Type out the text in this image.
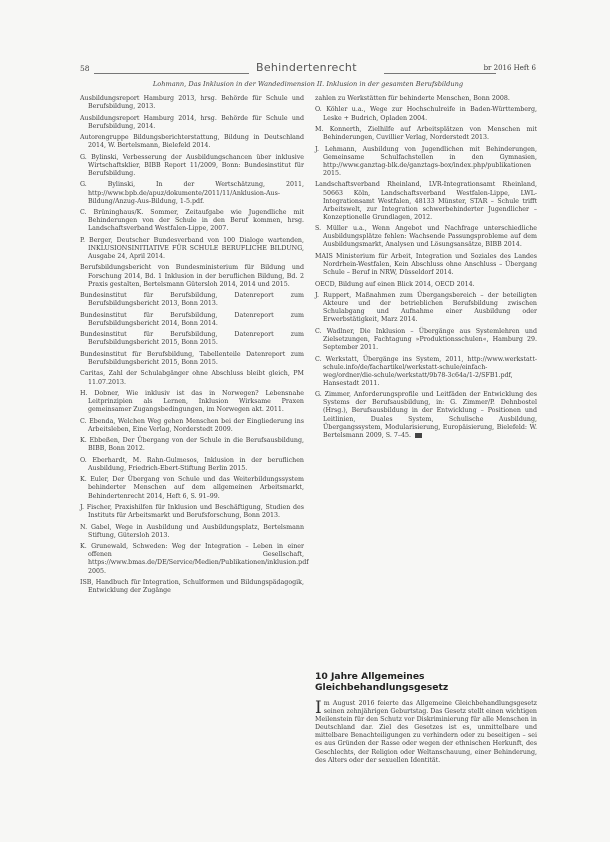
58	Behindertenrecht	br 2016 Heft 6
Lohmann, Das Inklusion in der Wandedimension II. Inklusion in der gesamten Berufsbildung

Ausbildungsreport Hamburg 2013, hrsg. Behörde für Schule und Berufsbildung, 2013.

Ausbildungsreport Hamburg 2014, hrsg. Behörde für Schule und Berufsbildung, 2014.

Autorengruppe Bildungsberichterstattung, Bildung in Deutschland 2014, W. Bertelsmann, Bielefeld 2014.

G. Bylinski, Verbesserung der Ausbildungschancen über inklusive Wirtschaftsklier, BIBB Report 11/2009, Bonn: Bundesinstitut für Berufsbildung.

G. Bylinski, In der Wertschätzung, 2011, http://www.bpb.de/apuz/dokumente/2011/11/Anklusion-Aus-Bildung/Anzug-Aus-Bildung, 1-5.pdf.

C. Brüninghaus/K. Sommer, Zeitaufgabe wie Jugendliche mit Behinderungen von der Schule in den Beruf kommen, hrsg. Landschaftsverband Westfalen-Lippe, 2007.

P. Berger, Deutscher Bundesverband von 100 Dialoge wartenden, INKLUSIONSINITIATIVE FÜR SCHULE BERUFLICHE BILDUNG, Ausgabe 24, April 2014.

Berufsbildungsbericht von Bundesministerium für Bildung und Forschung 2014, Bd. 1 Inklusion in der beruflichen Bildung, Bd. 2 Praxis gestalten, Bertelsmann Gütersloh 2014, 2014 und 2015.

Bundesinstitut für Berufsbildung, Datenreport zum Berufsbildungsbericht 2013, Bonn 2013.

Bundesinstitut für Berufsbildung, Datenreport zum Berufsbildungsbericht 2014, Bonn 2014.

Bundesinstitut für Berufsbildung, Datenreport zum Berufsbildungsbericht 2015, Bonn 2015.

Bundesinstitut für Berufsbildung, Tabellenteile Datenreport zum Berufsbildungsbericht 2015, Bonn 2015.

Caritas, Zahl der Schulabgänger ohne Abschluss bleibt gleich, PM 11.07.2013.

H. Dobner, Wie inklusiv ist das in Norwegen? Lebensnahe Leitprinzipien als Lernen, Inklusion Wirksame Praxen gemeinsamer Zugangsbedingungen, im Norwegen akt. 2011.

C. Ebenda, Welchen Weg gehen Menschen bei der Eingliederung ins Arbeitsleben, Eine Verlag, Norderstedt 2009.

K. Ebbeßen, Der Übergang von der Schule in die Berufsausbildung, BIBB, Bonn 2012.

O. Eberhardt, M. Rahn-Gulmesos, Inklusion in der beruflichen Ausbildung, Friedrich-Ebert-Stiftung Berlin 2015.

K. Euler, Der Übergang von Schule und das Weiterbildungssystem behinderter Menschen auf dem allgemeinen Arbeitsmarkt, Behindertenrecht 2014, Heft 6, S. 91–99.

J. Fischer, Praxishilfen für Inklusion und Beschäftigung, Studien des Instituts für Arbeitsmarkt und Berufsforschung, Bonn 2013.

N. Gabel, Wege in Ausbildung und Ausbildungsplatz, Bertelsmann Stiftung, Gütersloh 2013.

K. Grunewald, Schweden: Weg der Integration – Leben in einer offenen Gesellschaft, https://www.bmas.de/DE/Service/Medien/Publikationen/inklusion.pdf 2005.

ISB, Handbuch für Integration, Schulformen und Bildungspädagogik, Entwicklung der Zugänge

zahlen zu Werkstätten für behinderte Menschen, Bonn 2008.

O. Köhler u.a., Wege zur Hochschulreife in Baden-Württemberg, Leske + Budrich, Opladen 2004.

M. Konnerth, Zielhilfe auf Arbeitsplätzen von Menschen mit Behinderungen, Cuvillier Verlag, Norderstedt 2013.

J. Lehmann, Ausbildung von Jugendlichen mit Behinderungen, Gemeinsame Schulfachstellen in den Gymnasien, http://www.ganztag-blk.de/ganztags-box/index.php/publikationen 2015.

Landschaftsverband Rheinland, LVR-Integrationsamt Rheinland, 50663 Köln, Landschaftsverband Westfalen-Lippe, LWL-Integrationsamt Westfalen, 48133 Münster, STAR – Schule trifft Arbeitswelt, zur Integration schwerbehinderter Jugendlicher – Konzeptionelle Grundlagen, 2012.

S. Müller u.a., Wenn Angebot und Nachfrage unterschiedliche Ausbildungsplätze fehlen: Wachsende Passungsprobleme auf dem Ausbildungsmarkt, Analysen und Lösungsansätze, BIBB 2014.

MAIS Ministerium für Arbeit, Integration und Soziales des Landes Nordrhein-Westfalen, Kein Abschluss ohne Anschluss – Übergang Schule – Beruf in NRW, Düsseldorf 2014.

OECD, Bildung auf einen Blick 2014, OECD 2014.

J. Ruppert, Maßnahmen zum Übergangsbereich – der beteiligten Akteure und der betrieblichen Berufsbildung zwischen Schulabgang und Aufnahme einer Ausbildung oder Erwerbstätigkeit, Marz 2014.

C. Wadlner, Die Inklusion – Übergänge aus Systemlehren und Zielsetzungen, Fachtagung »Produktionsschulen«, Hamburg 29. September 2011.

C. Werkstatt, Übergänge ins System, 2011, http://www.werkstatt-schule.info/de/fachartikel/werkstatt-schule/einfach-weg/ordner/die-schule/werkstatt/9b78-3c64a/1-2/SFB1.pdf, Hansestadt 2011.

G. Zimmer, Anforderungsprofile und Leitfäden der Entwicklung des Systems der Berufsausbildung, in: G. Zimmer/P. Dehnbostel (Hrsg.), Berufsausbildung in der Entwicklung – Positionen und Leitlinien, Duales System, Schulische Ausbildung, Übergangssystem, Modularisierung, Europäisierung, Bielefeld: W. Bertelsmann 2009, S. 7–45.

10 Jahre Allgemeines Gleichbehandlungsgesetz

Im August 2016 feierte das Allgemeine Gleichbehandlungsgesetz seinen zehnjährigen Geburtstag. Das Gesetz stellt einen wichtigen Meilenstein für den Schutz vor Diskriminierung für alle Menschen in Deutschland dar. Ziel des Gesetzes ist es, unmittelbare und mittelbare Benachteiligungen zu verhindern oder zu beseitigen – sei es aus Gründen der Rasse oder wegen der ethnischen Herkunft, des Geschlechts, der Religion oder Weltanschauung, einer Behinderung, des Alters oder der sexuellen Identität.
